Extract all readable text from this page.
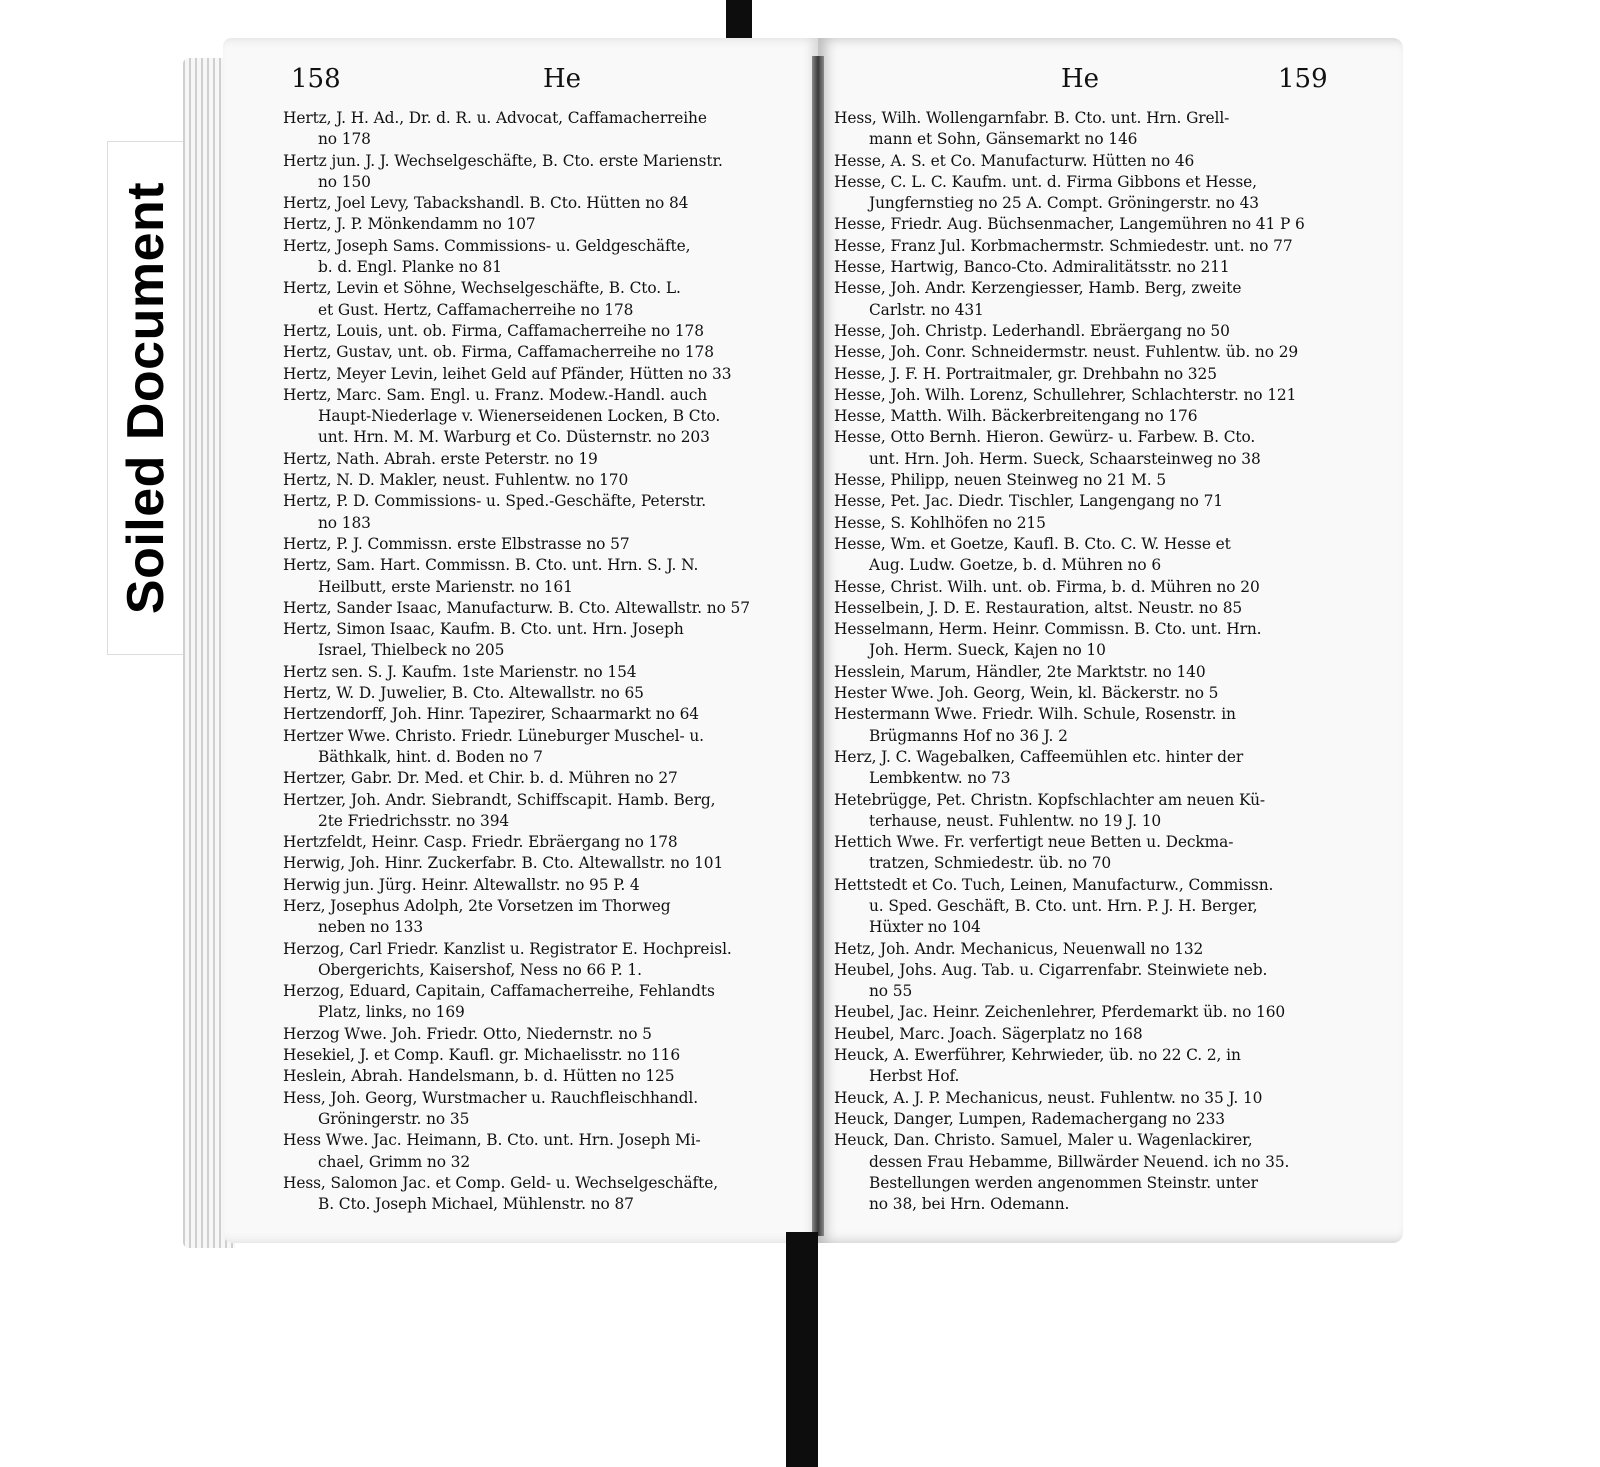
Soiled Document
158	He
Hertz, J. H. Ad., Dr. d. R. u. Advocat, Caffamacherreihe
no 178
Hertz jun. J. J. Wechselgeschäfte, B. Cto. erste Marienstr.
no 150
Hertz, Joel Levy, Tabackshandl. B. Cto. Hütten no 84
Hertz, J. P. Mönkendamm no 107
Hertz, Joseph Sams. Commissions- u. Geldgeschäfte,
b. d. Engl. Planke no 81
Hertz, Levin et Söhne, Wechselgeschäfte, B. Cto. L.
et Gust. Hertz, Caffamacherreihe no 178
Hertz, Louis, unt. ob. Firma, Caffamacherreihe no 178
Hertz, Gustav, unt. ob. Firma, Caffamacherreihe no 178
Hertz, Meyer Levin, leihet Geld auf Pfänder, Hütten no 33
Hertz, Marc. Sam. Engl. u. Franz. Modew.-Handl. auch
Haupt-Niederlage v. Wienerseidenen Locken, B Cto.
unt. Hrn. M. M. Warburg et Co. Düsternstr. no 203
Hertz, Nath. Abrah. erste Peterstr. no 19
Hertz, N. D. Makler, neust. Fuhlentw. no 170
Hertz, P. D. Commissions- u. Sped.-Geschäfte, Peterstr.
no 183
Hertz, P. J. Commissn. erste Elbstrasse no 57
Hertz, Sam. Hart. Commissn. B. Cto. unt. Hrn. S. J. N.
Heilbutt, erste Marienstr. no 161
Hertz, Sander Isaac, Manufacturw. B. Cto. Altewallstr. no 57
Hertz, Simon Isaac, Kaufm. B. Cto. unt. Hrn. Joseph
Israel, Thielbeck no 205
Hertz sen. S. J. Kaufm. 1ste Marienstr. no 154
Hertz, W. D. Juwelier, B. Cto. Altewallstr. no 65
Hertzendorff, Joh. Hinr. Tapezirer, Schaarmarkt no 64
Hertzer Wwe. Christo. Friedr. Lüneburger Muschel- u.
Bäthkalk, hint. d. Boden no 7
Hertzer, Gabr. Dr. Med. et Chir. b. d. Mühren no 27
Hertzer, Joh. Andr. Siebrandt, Schiffscapit. Hamb. Berg,
2te Friedrichsstr. no 394
Hertzfeldt, Heinr. Casp. Friedr. Ebräergang no 178
Herwig, Joh. Hinr. Zuckerfabr. B. Cto. Altewallstr. no 101
Herwig jun. Jürg. Heinr. Altewallstr. no 95 P. 4
Herz, Josephus Adolph, 2te Vorsetzen im Thorweg
neben no 133
Herzog, Carl Friedr. Kanzlist u. Registrator E. Hochpreisl.
Obergerichts, Kaisershof, Ness no 66 P. 1.
Herzog, Eduard, Capitain, Caffamacherreihe, Fehlandts
Platz, links, no 169
Herzog Wwe. Joh. Friedr. Otto, Niedernstr. no 5
Hesekiel, J. et Comp. Kaufl. gr. Michaelisstr. no 116
Heslein, Abrah. Handelsmann, b. d. Hütten no 125
Hess, Joh. Georg, Wurstmacher u. Rauchfleischhandl.
Gröningerstr. no 35
Hess Wwe. Jac. Heimann, B. Cto. unt. Hrn. Joseph Mi-
chael, Grimm no 32
Hess, Salomon Jac. et Comp. Geld- u. Wechselgeschäfte,
B. Cto. Joseph Michael, Mühlenstr. no 87
He	159
Hess, Wilh. Wollengarnfabr. B. Cto. unt. Hrn. Grell-
mann et Sohn, Gänsemarkt no 146
Hesse, A. S. et Co. Manufacturw. Hütten no 46
Hesse, C. L. C. Kaufm. unt. d. Firma Gibbons et Hesse,
Jungfernstieg no 25 A. Compt. Gröningerstr. no 43
Hesse, Friedr. Aug. Büchsenmacher, Langemühren no 41 P 6
Hesse, Franz Jul. Korbmachermstr. Schmiedestr. unt. no 77
Hesse, Hartwig, Banco-Cto. Admiralitätsstr. no 211
Hesse, Joh. Andr. Kerzengiesser, Hamb. Berg, zweite
Carlstr. no 431
Hesse, Joh. Christp. Lederhandl. Ebräergang no 50
Hesse, Joh. Conr. Schneidermstr. neust. Fuhlentw. üb. no 29
Hesse, J. F. H. Portraitmaler, gr. Drehbahn no 325
Hesse, Joh. Wilh. Lorenz, Schullehrer, Schlachterstr. no 121
Hesse, Matth. Wilh. Bäckerbreitengang no 176
Hesse, Otto Bernh. Hieron. Gewürz- u. Farbew. B. Cto.
unt. Hrn. Joh. Herm. Sueck, Schaarsteinweg no 38
Hesse, Philipp, neuen Steinweg no 21 M. 5
Hesse, Pet. Jac. Diedr. Tischler, Langengang no 71
Hesse, S. Kohlhöfen no 215
Hesse, Wm. et Goetze, Kaufl. B. Cto. C. W. Hesse et
Aug. Ludw. Goetze, b. d. Mühren no 6
Hesse, Christ. Wilh. unt. ob. Firma, b. d. Mühren no 20
Hesselbein, J. D. E. Restauration, altst. Neustr. no 85
Hesselmann, Herm. Heinr. Commissn. B. Cto. unt. Hrn.
Joh. Herm. Sueck, Kajen no 10
Hesslein, Marum, Händler, 2te Marktstr. no 140
Hester Wwe. Joh. Georg, Wein, kl. Bäckerstr. no 5
Hestermann Wwe. Friedr. Wilh. Schule, Rosenstr. in
Brügmanns Hof no 36 J. 2
Herz, J. C. Wagebalken, Caffeemühlen etc. hinter der
Lembkentw. no 73
Hetebrügge, Pet. Christn. Kopfschlachter am neuen Kü-
terhause, neust. Fuhlentw. no 19 J. 10
Hettich Wwe. Fr. verfertigt neue Betten u. Deckma-
tratzen, Schmiedestr. üb. no 70
Hettstedt et Co. Tuch, Leinen, Manufacturw., Commissn.
u. Sped. Geschäft, B. Cto. unt. Hrn. P. J. H. Berger,
Hüxter no 104
Hetz, Joh. Andr. Mechanicus, Neuenwall no 132
Heubel, Johs. Aug. Tab. u. Cigarrenfabr. Steinwiete neb.
no 55
Heubel, Jac. Heinr. Zeichenlehrer, Pferdemarkt üb. no 160
Heubel, Marc. Joach. Sägerplatz no 168
Heuck, A. Ewerführer, Kehrwieder, üb. no 22 C. 2, in
Herbst Hof.
Heuck, A. J. P. Mechanicus, neust. Fuhlentw. no 35 J. 10
Heuck, Danger, Lumpen, Rademachergang no 233
Heuck, Dan. Christo. Samuel, Maler u. Wagenlackirer,
dessen Frau Hebamme, Billwärder Neuend. ich no 35.
Bestellungen werden angenommen Steinstr. unter
no 38, bei Hrn. Odemann.
